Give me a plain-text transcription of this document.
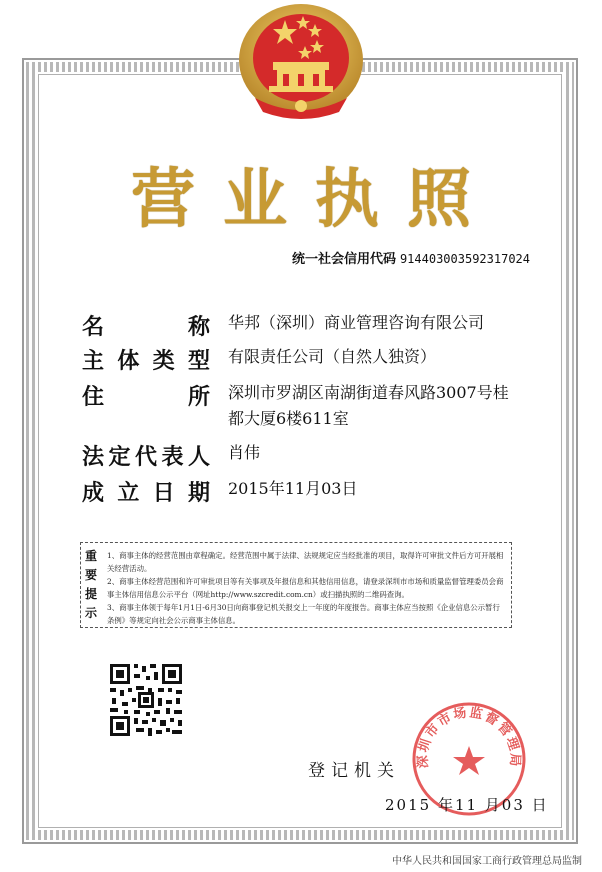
营业执照
统一社会信用代码 914403003592317024
名	称 华邦（深圳）商业管理咨询有限公司
主 体 类 型 有限责任公司（自然人独资）
住	所 深圳市罗湖区南湖街道春风路3007号桂都大厦6楼611室
法 定 代 表 人 肖伟
成 立 日 期 2015年11月03日
重要提示
1、商事主体的经营范围由章程确定。经营范围中属于法律、法规规定应当经批准的项目，取得许可审批文件后方可开展相关经营活动。
2、商事主体经营范围和许可审批项目等有关事项及年报信息和其他信用信息，请登录深圳市市场和质量监督管理委员会商事主体信用信息公示平台（网址http://www.szcredit.com.cn）或扫描执照的二维码查询。
3、商事主体领于每年1月1日-6月30日向商事登记机关报交上一年度的年度报告。商事主体应当按照《企业信息公示暂行条例》等规定向社会公示商事主体信息。
登记机关
深圳市市场监督管理局
2015 年11 月03 日
中华人民共和国国家工商行政管理总局监制
